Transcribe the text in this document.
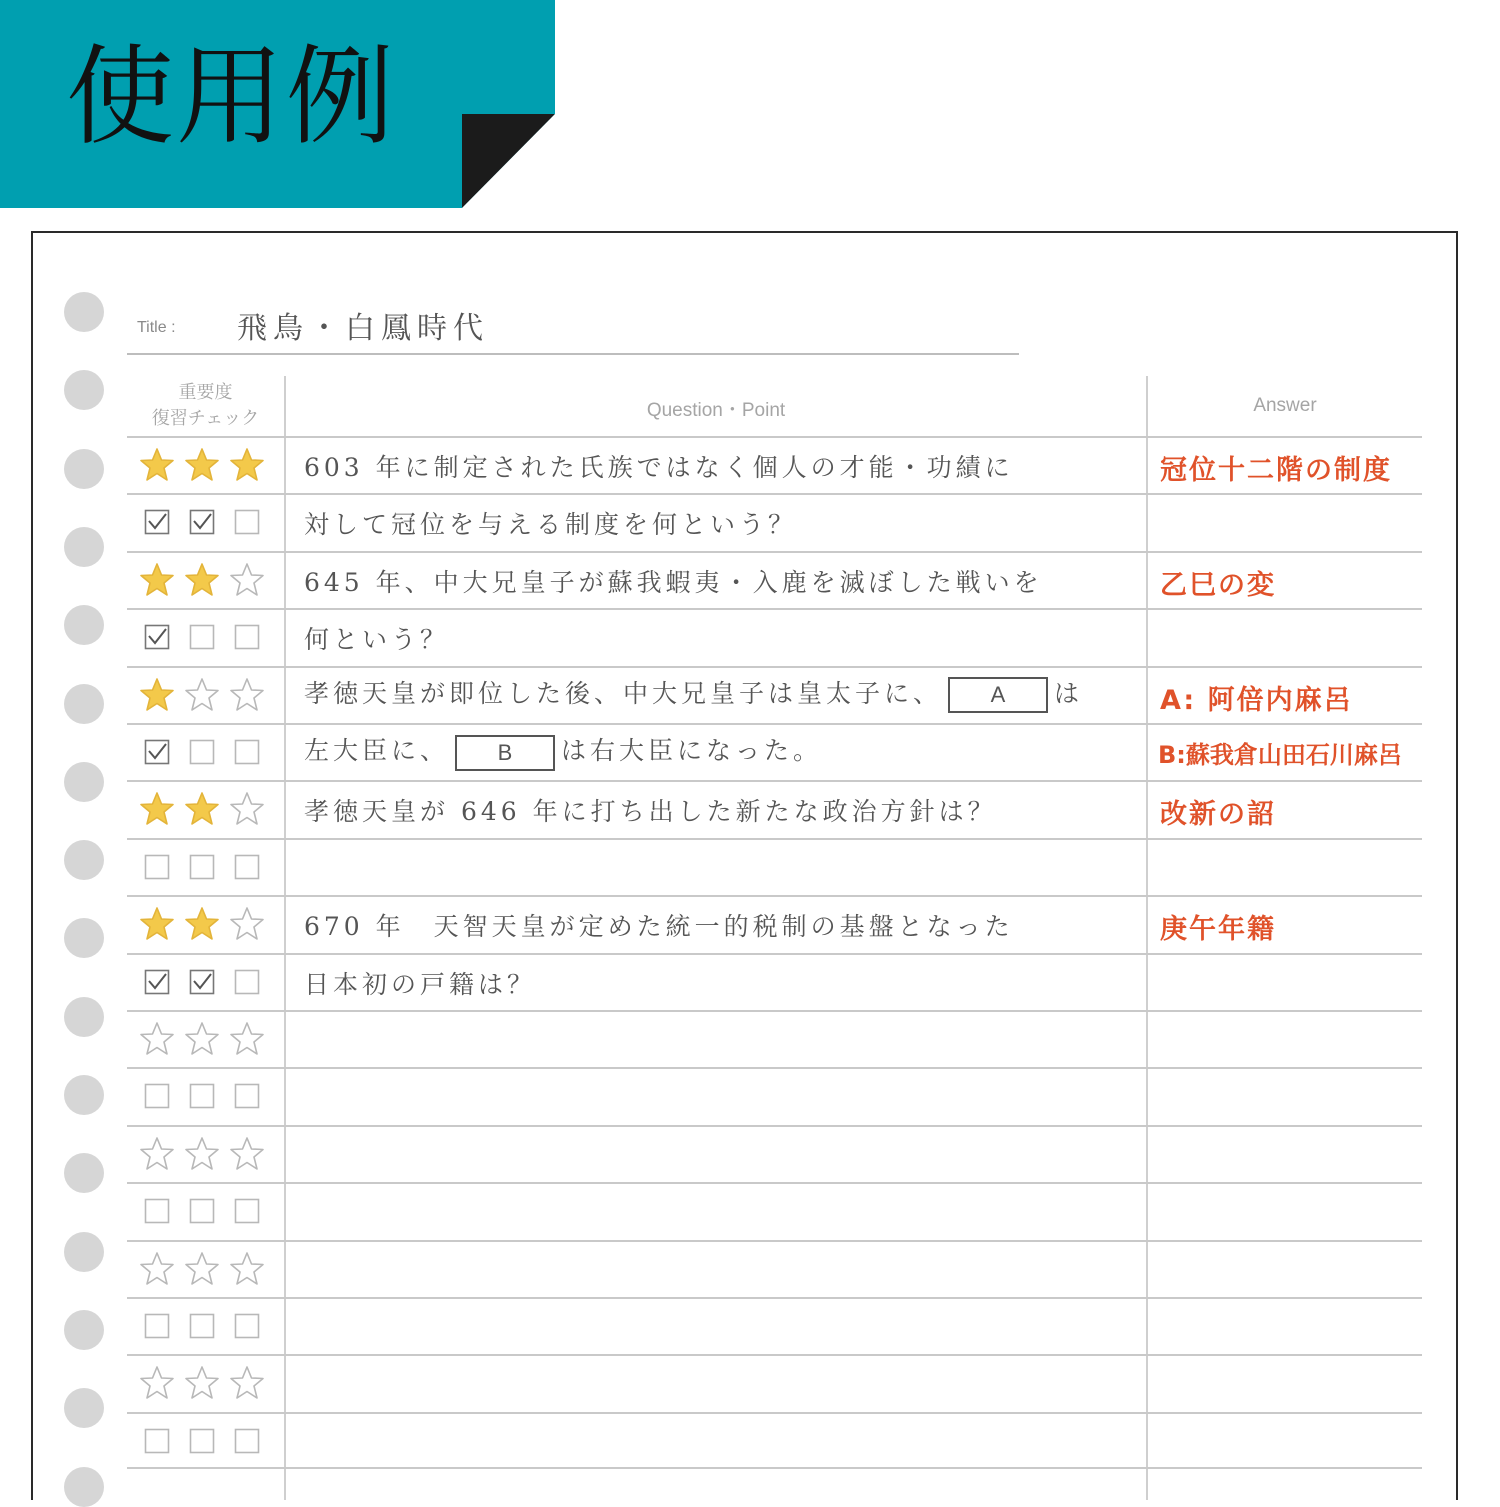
使用例
Title : 飛鳥・白鳳時代
重要度
復習チェック	Question・Point	Answer
603 年に制定された氏族ではなく個人の才能・功績に	冠位十二階の制度
対して冠位を与える制度を何という？
645 年、中大兄皇子が蘇我蝦夷・入鹿を滅ぼした戦いを	乙巳の変
何という？
孝徳天皇が即位した後、中大兄皇子は皇太子に、 A は	A: 阿倍内麻呂
左大臣に、 B は右大臣になった。	B:蘇我倉山田石川麻呂
孝徳天皇が 646 年に打ち出した新たな政治方針は？	改新の詔
670 年　天智天皇が定めた統一的税制の基盤となった	庚午年籍
日本初の戸籍は？
